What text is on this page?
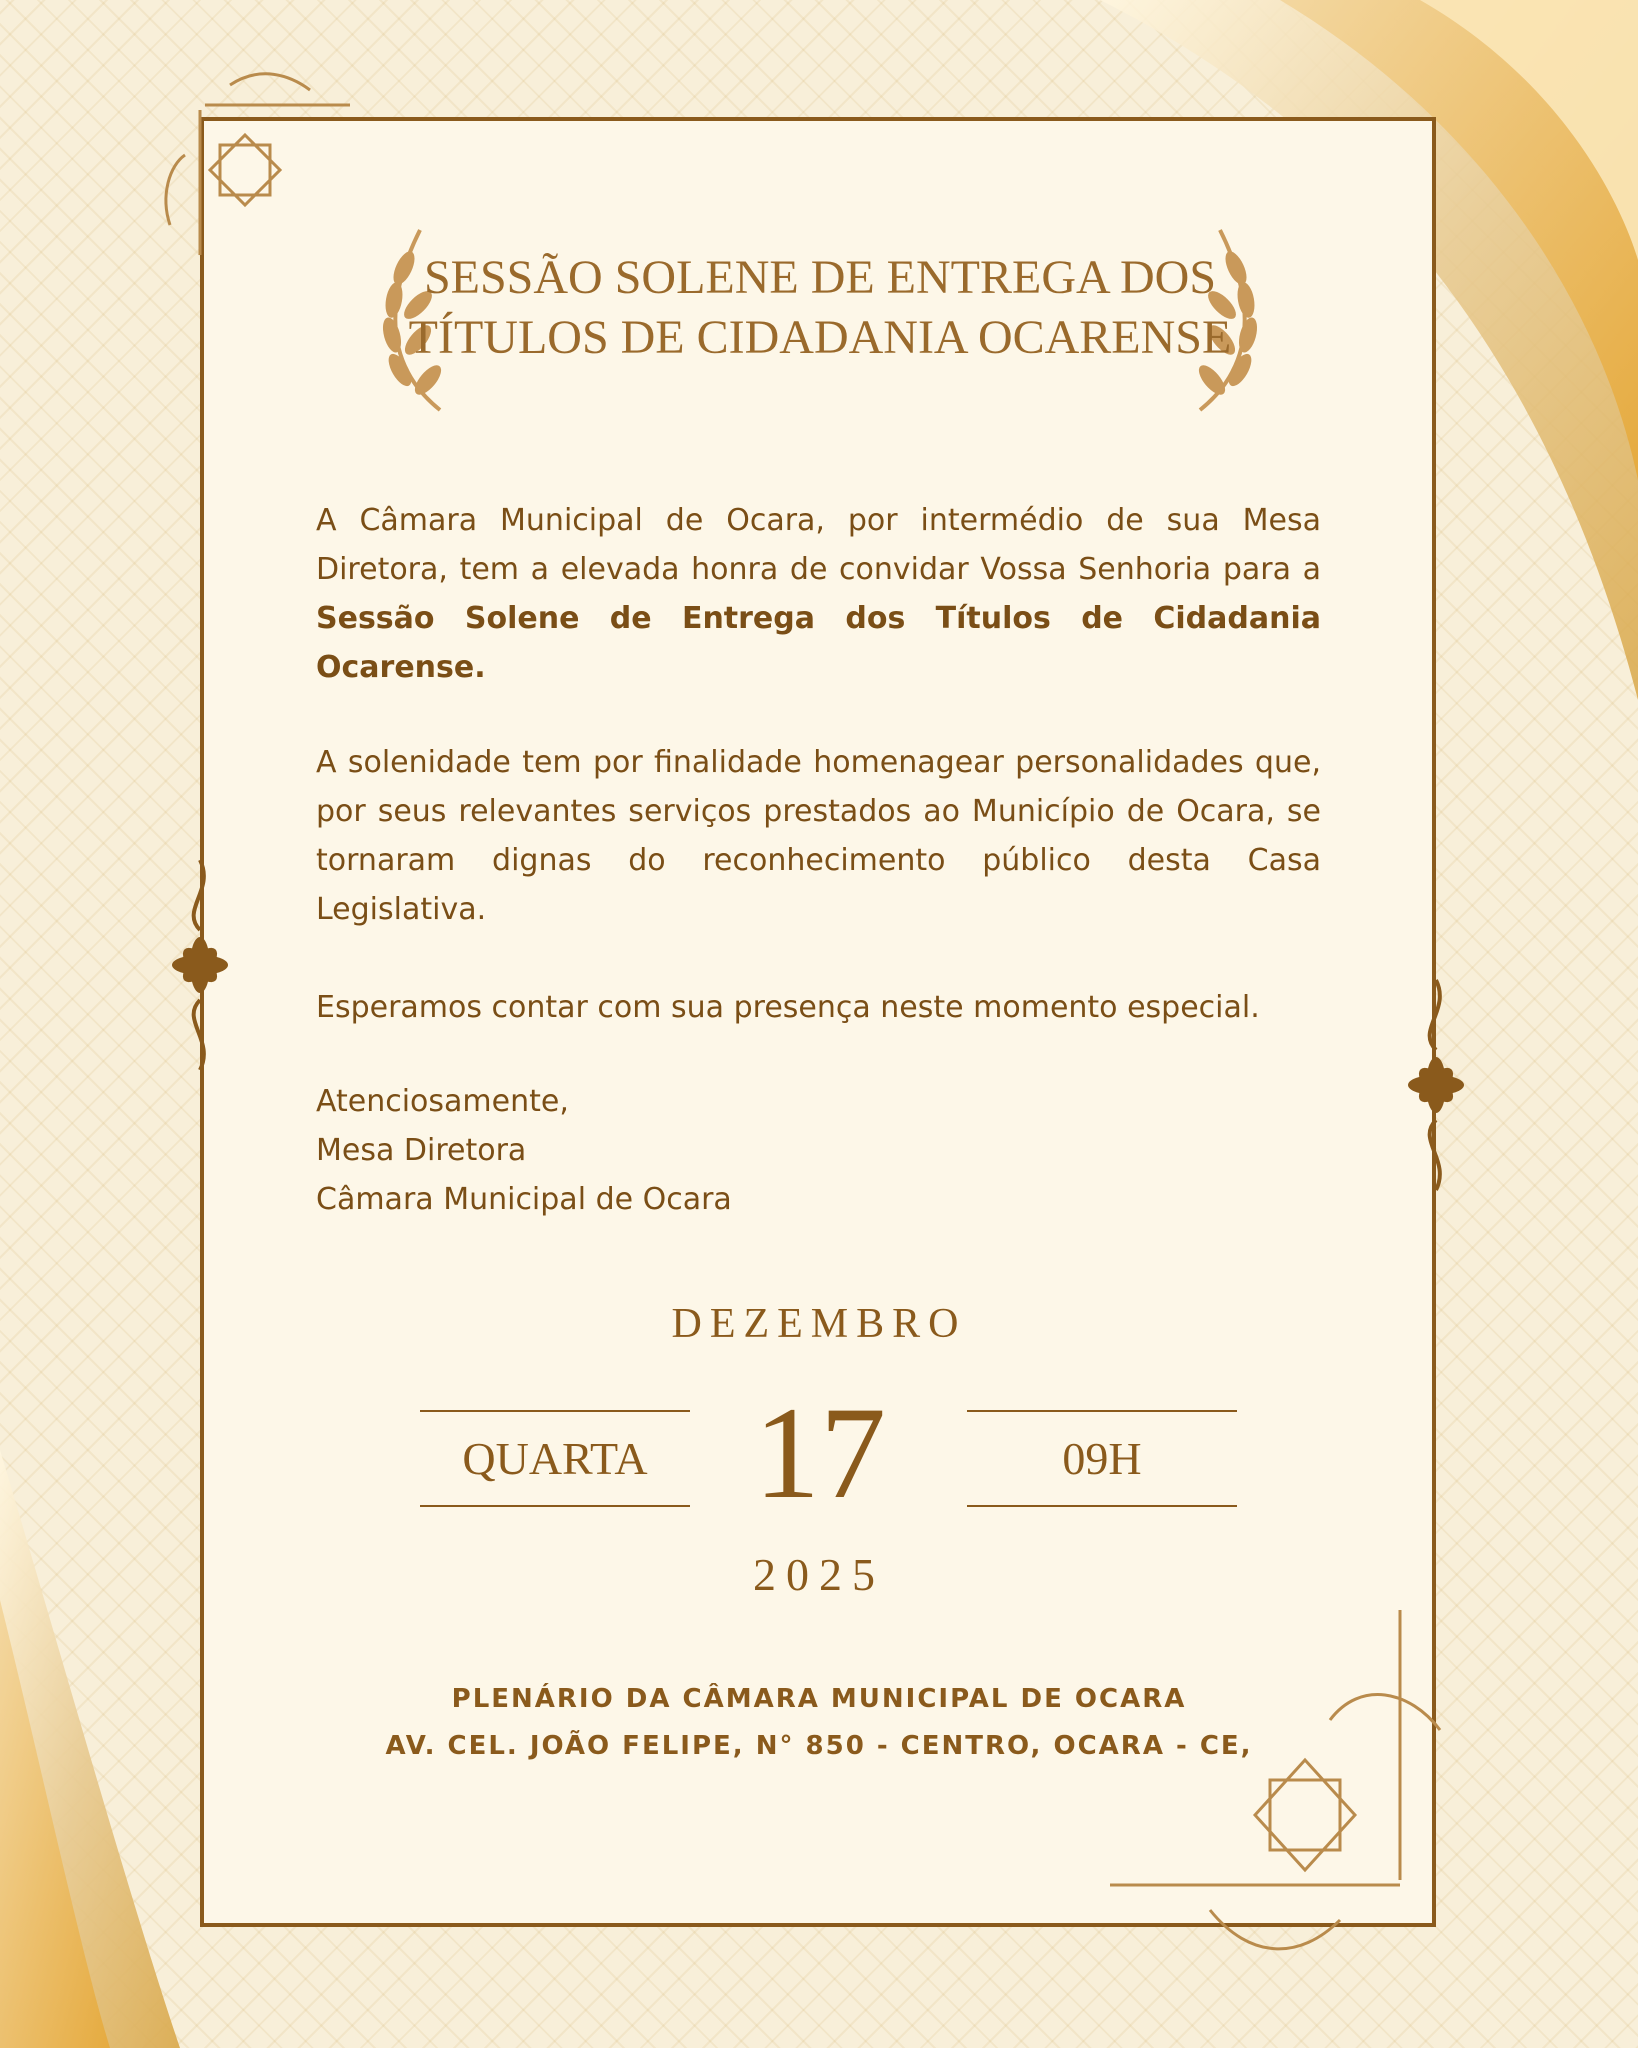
SESSÃO SOLENE DE ENTREGA DOS
TÍTULOS DE CIDADANIA OCARENSE
A Câmara Municipal de Ocara, por intermédio de sua Mesa Diretora, tem a elevada honra de convidar Vossa Senhoria para a Sessão Solene de Entrega dos Títulos de Cidadania Ocarense.
A solenidade tem por finalidade homenagear personalidades que, por seus relevantes serviços prestados ao Município de Ocara, se tornaram dignas do reconhecimento público desta Casa Legislativa.
Esperamos contar com sua presença neste momento especial.
Atenciosamente,
Mesa Diretora
Câmara Municipal de Ocara
DEZEMBRO
QUARTA 17	09H
2025
PLENÁRIO DA CÂMARA MUNICIPAL DE OCARA
AV. CEL. JOÃO FELIPE, N° 850 - CENTRO, OCARA - CE,
